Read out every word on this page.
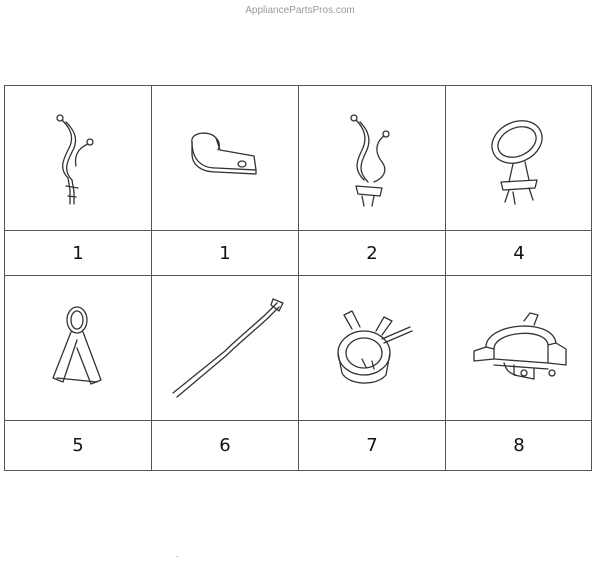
AppliancePartsPros.com
1	1	2	4
5	6	7	8
